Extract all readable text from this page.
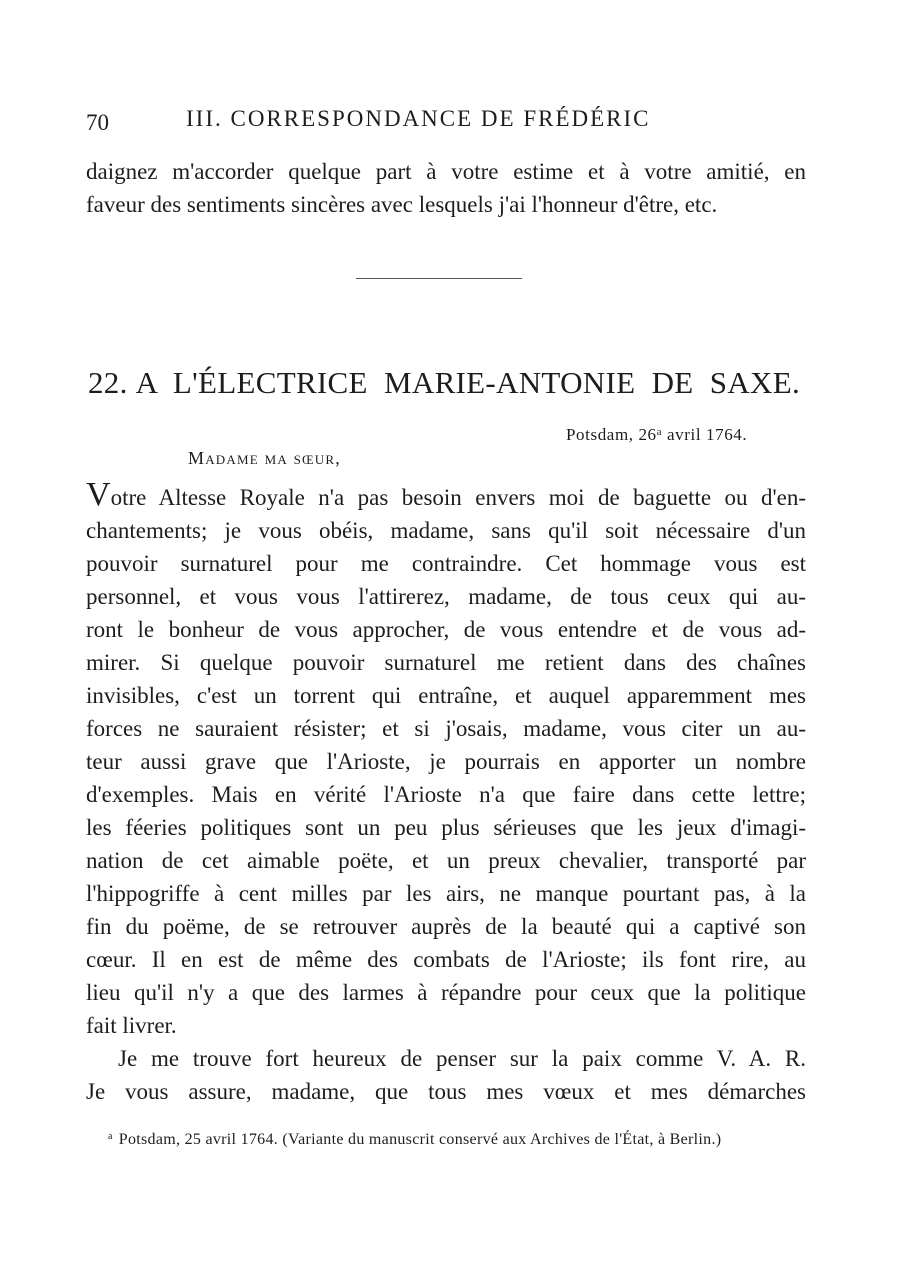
70	III. CORRESPONDANCE DE FRÉDÉRIC
daignez m'accorder quelque part à votre estime et à votre amitié, en
faveur des sentiments sincères avec lesquels j'ai l'honneur d'être, etc.
22. A L'ÉLECTRICE MARIE-ANTONIE DE SAXE.
Potsdam, 26$^a$ avril 1764.
Madame ma sœur,
Votre Altesse Royale n'a pas besoin envers moi de baguette ou d'en-
chantements; je vous obéis, madame, sans qu'il soit nécessaire d'un
pouvoir surnaturel pour me contraindre. Cet hommage vous est
personnel, et vous vous l'attirerez, madame, de tous ceux qui au-
ront le bonheur de vous approcher, de vous entendre et de vous ad-
mirer. Si quelque pouvoir surnaturel me retient dans des chaînes
invisibles, c'est un torrent qui entraîne, et auquel apparemment mes
forces ne sauraient résister; et si j'osais, madame, vous citer un au-
teur aussi grave que l'Arioste, je pourrais en apporter un nombre
d'exemples. Mais en vérité l'Arioste n'a que faire dans cette lettre;
les féeries politiques sont un peu plus sérieuses que les jeux d'imagi-
nation de cet aimable poëte, et un preux chevalier, transporté par
l'hippogriffe à cent milles par les airs, ne manque pourtant pas, à la
fin du poëme, de se retrouver auprès de la beauté qui a captivé son
cœur. Il en est de même des combats de l'Arioste; ils font rire, au
lieu qu'il n'y a que des larmes à répandre pour ceux que la politique
fait livrer.
Je me trouve fort heureux de penser sur la paix comme V. A. R.
Je vous assure, madame, que tous mes vœux et mes démarches
$^a$ Potsdam, 25 avril 1764. (Variante du manuscrit conservé aux Archives de l'État, à Berlin.)
